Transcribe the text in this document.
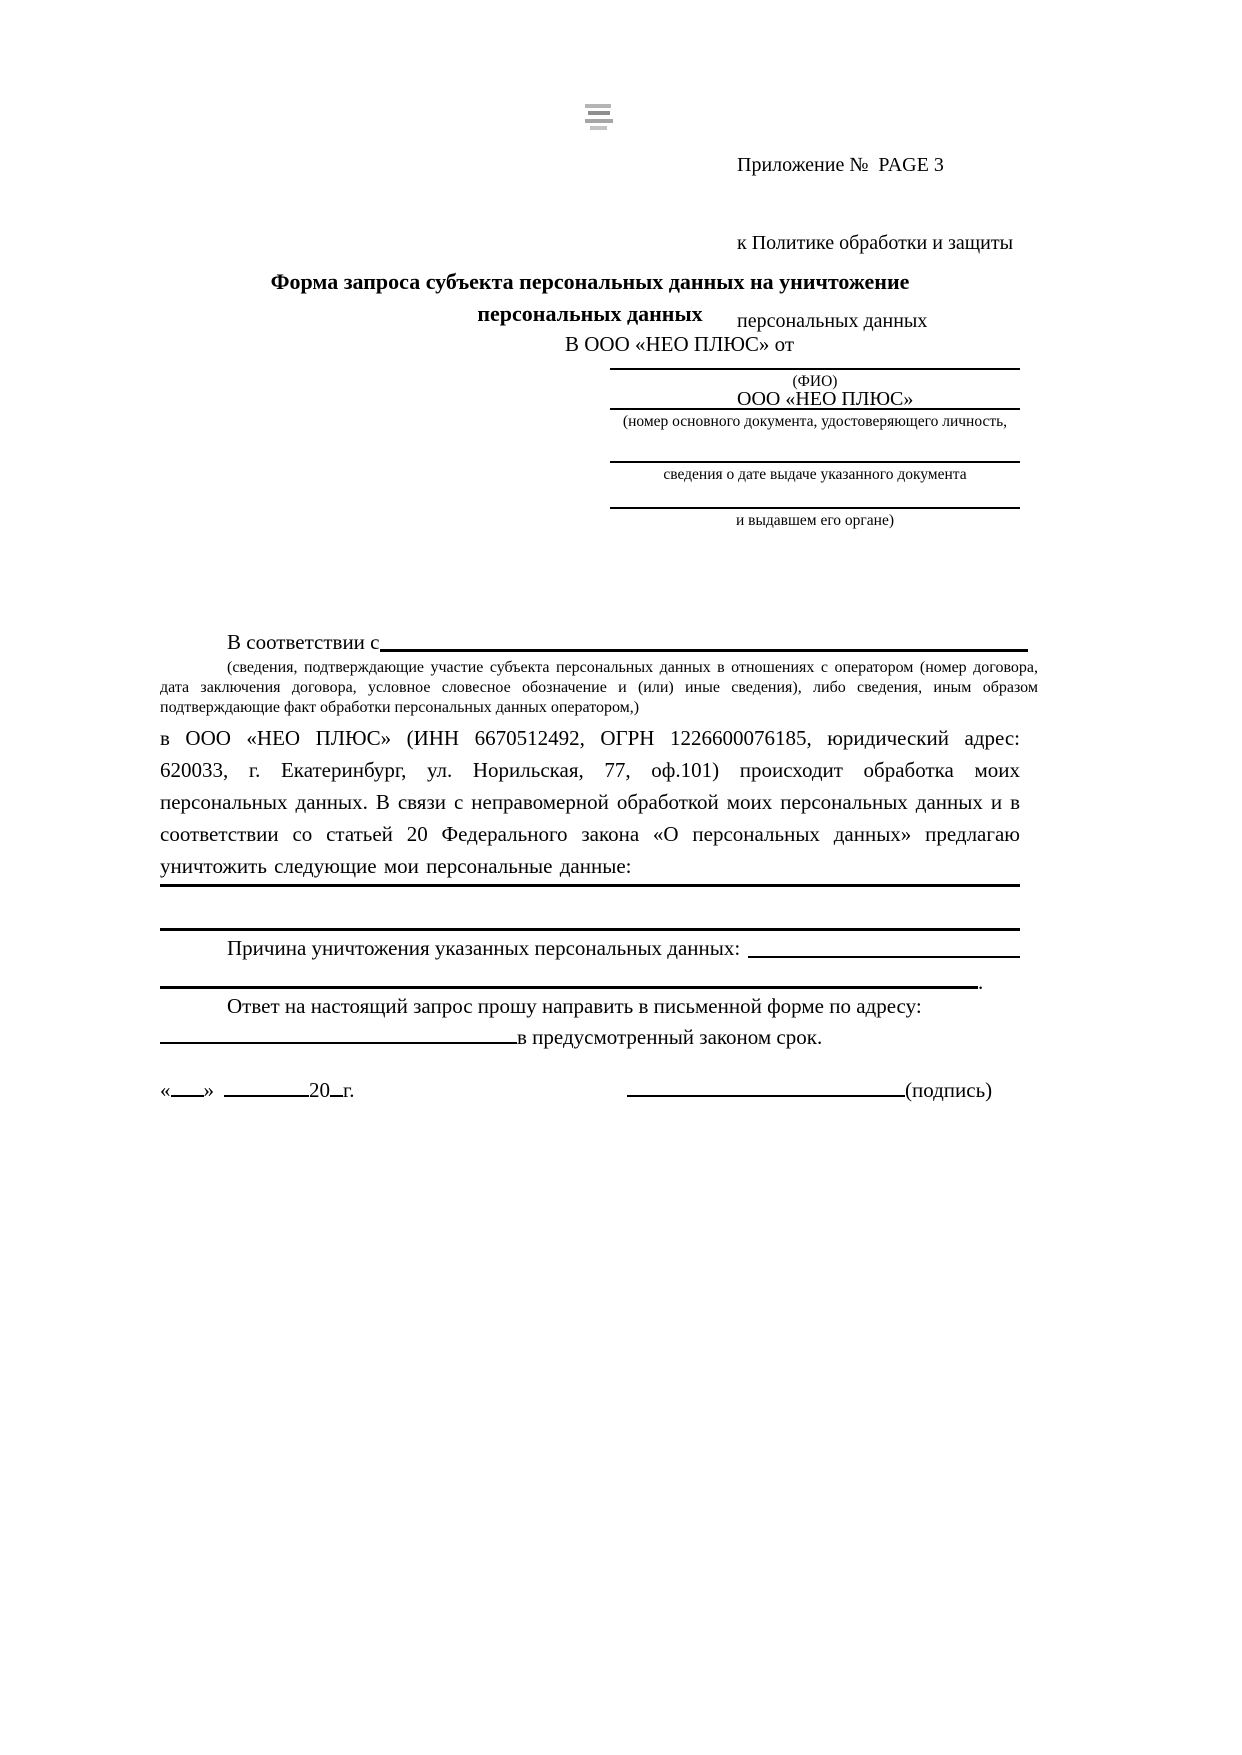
Приложение №  PAGE 3

к Политике обработки и защиты

персональных данных

ООО «НЕО ПЛЮС»

Форма запроса субъекта персональных данных на уничтожение
персональных данных
В ООО «НЕО ПЛЮС» от
(ФИО)
(номер основного документа, удостоверяющего личность,
сведения о дате выдаче указанного документа
и выдавшем его органе)
В соответствии с
(сведения, подтверждающие участие субъекта персональных данных в отношениях с оператором (номер договора, дата заключения договора, условное словесное обозначение и (или) иные сведения), либо сведения, иным образом подтверждающие факт обработки персональных данных оператором,)
в ООО «НЕО ПЛЮС» (ИНН 6670512492, ОГРН 1226600076185, юридический адрес: 620033, г. Екатеринбург, ул. Норильская, 77, оф.101) происходит обработка моих персональных данных. В связи с неправомерной обработкой моих персональных данных и в соответствии со статьей 20 Федерального закона «О персональных данных» предлагаю уничтожить следующие мои персональные данные:
Причина уничтожения указанных персональных данных:
.
Ответ на настоящий запрос прошу направить в письменной форме по адресу:
в предусмотренный законом срок.
« »	20 г.	(подпись)
